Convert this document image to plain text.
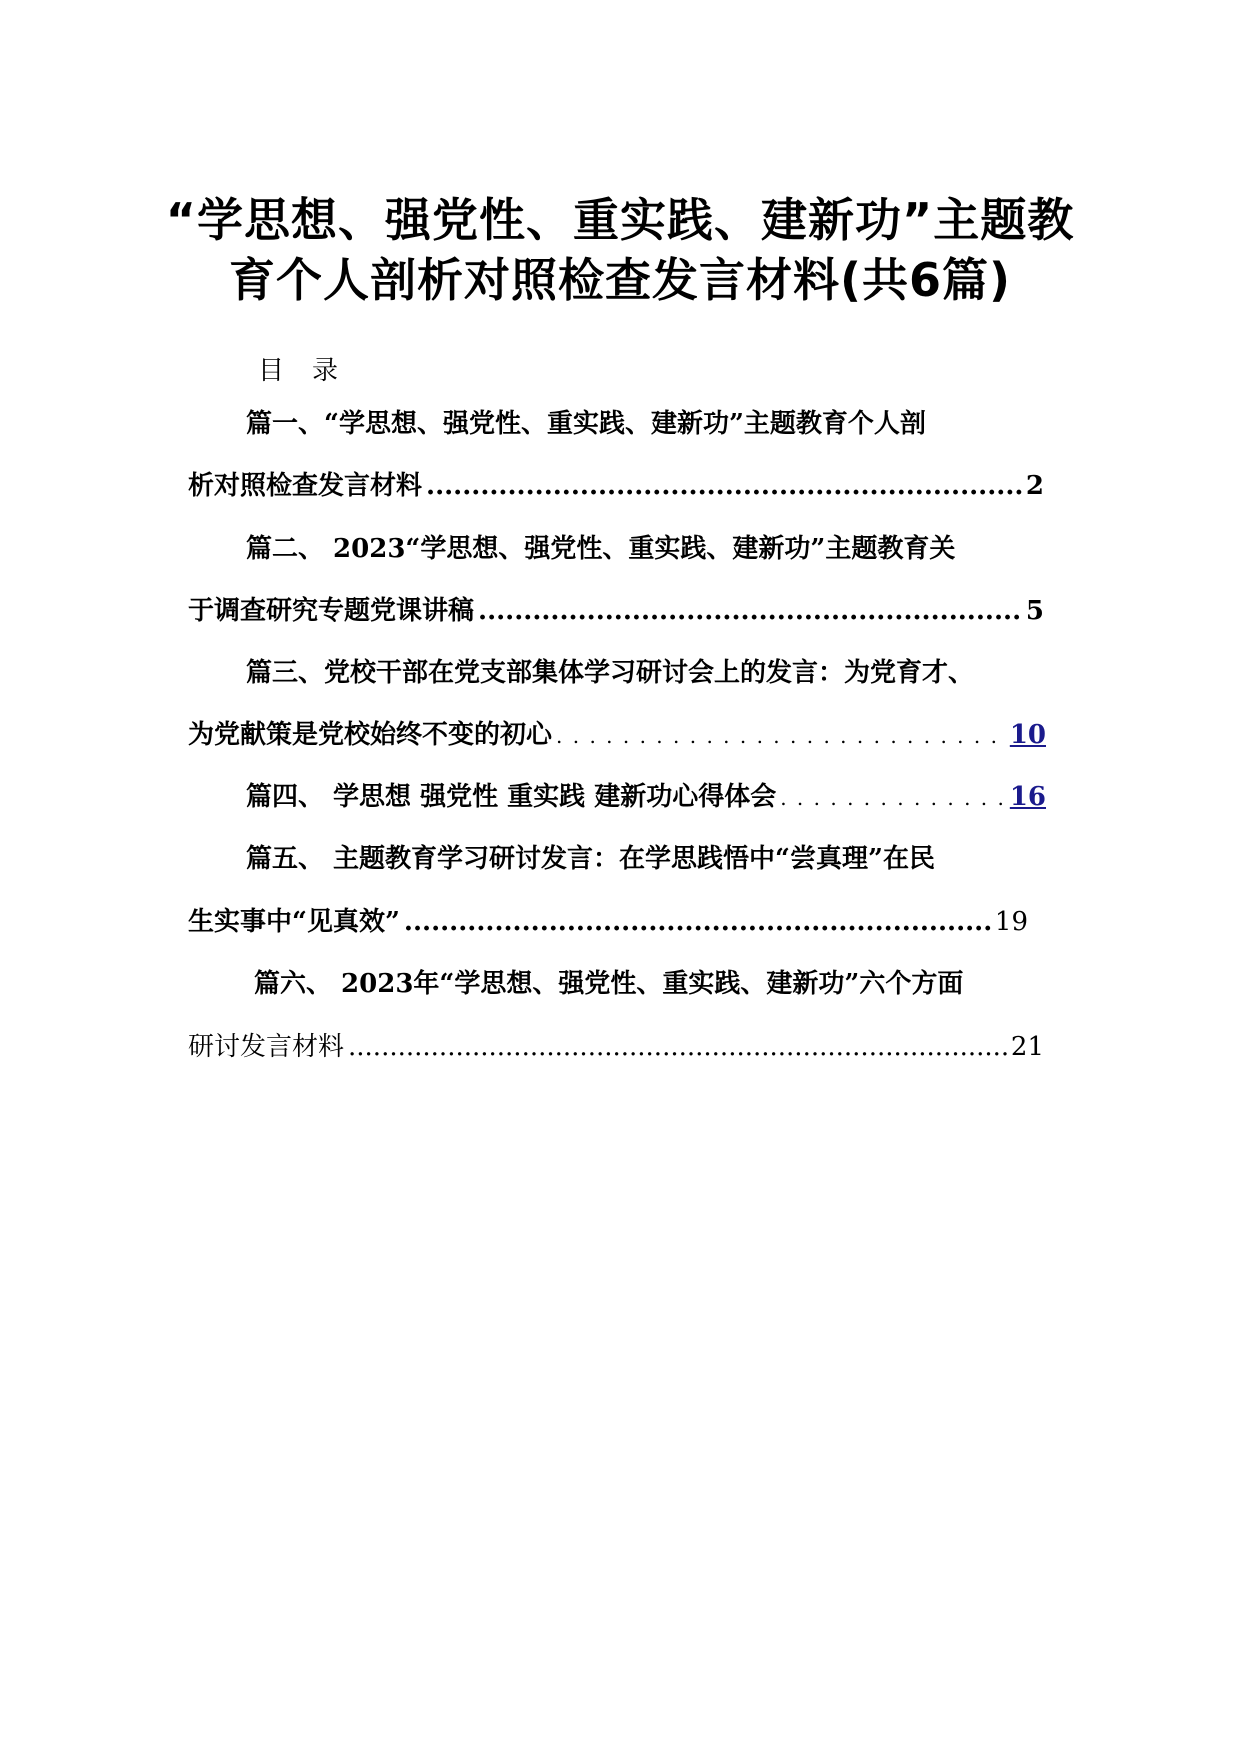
“学思想、强党性、重实践、建新功”主题教
育个人剖析对照检查发言材料(共6篇)
目录
篇一、“学思想、强党性、重实践、建新功”主题教育个人剖
析对照检查发言材料 .....	2
篇二、 2023“学思想、强党性、重实践、建新功”主题教育关
于调查研究专题党课讲稿 .....	5
篇三、党校干部在党支部集体学习研讨会上的发言：为党育才、
为党献策是党校始终不变的初心 . . .	10
篇四、 学思想 强党性 重实践 建新功心得体会 . . .	16
篇五、 主题教育学习研讨发言：在学思践悟中“尝真理”在民
生实事中“见真效” .....	19
篇六、 2023年“学思想、强党性、重实践、建新功”六个方面
研讨发言材料 .....	21
